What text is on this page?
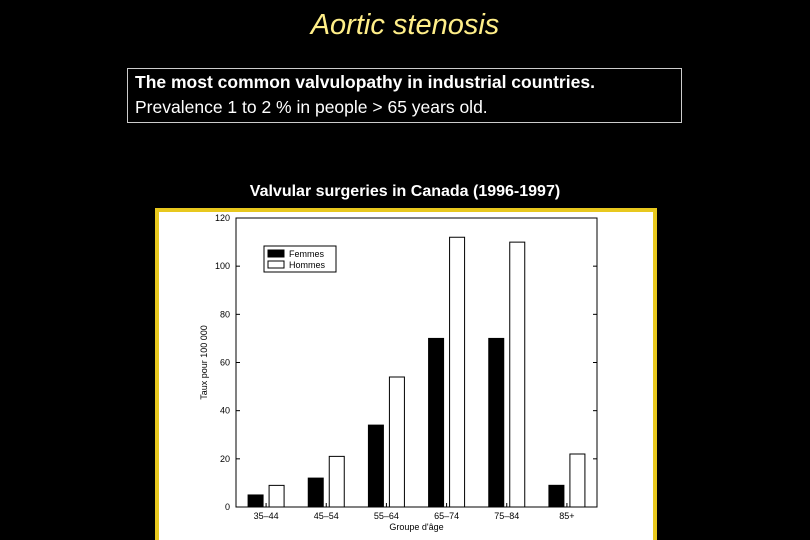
Aortic stenosis
The most common valvulopathy in industrial countries.
Prevalence 1 to 2 % in people > 65 years old.
Valvular surgeries in Canada (1996-1997)
0
20
40
60
80
100
120
35–44	45–54	55–64	65–74	75–84	85+
Groupe d'âge
Taux pour 100 000
Femmes
Hommes
